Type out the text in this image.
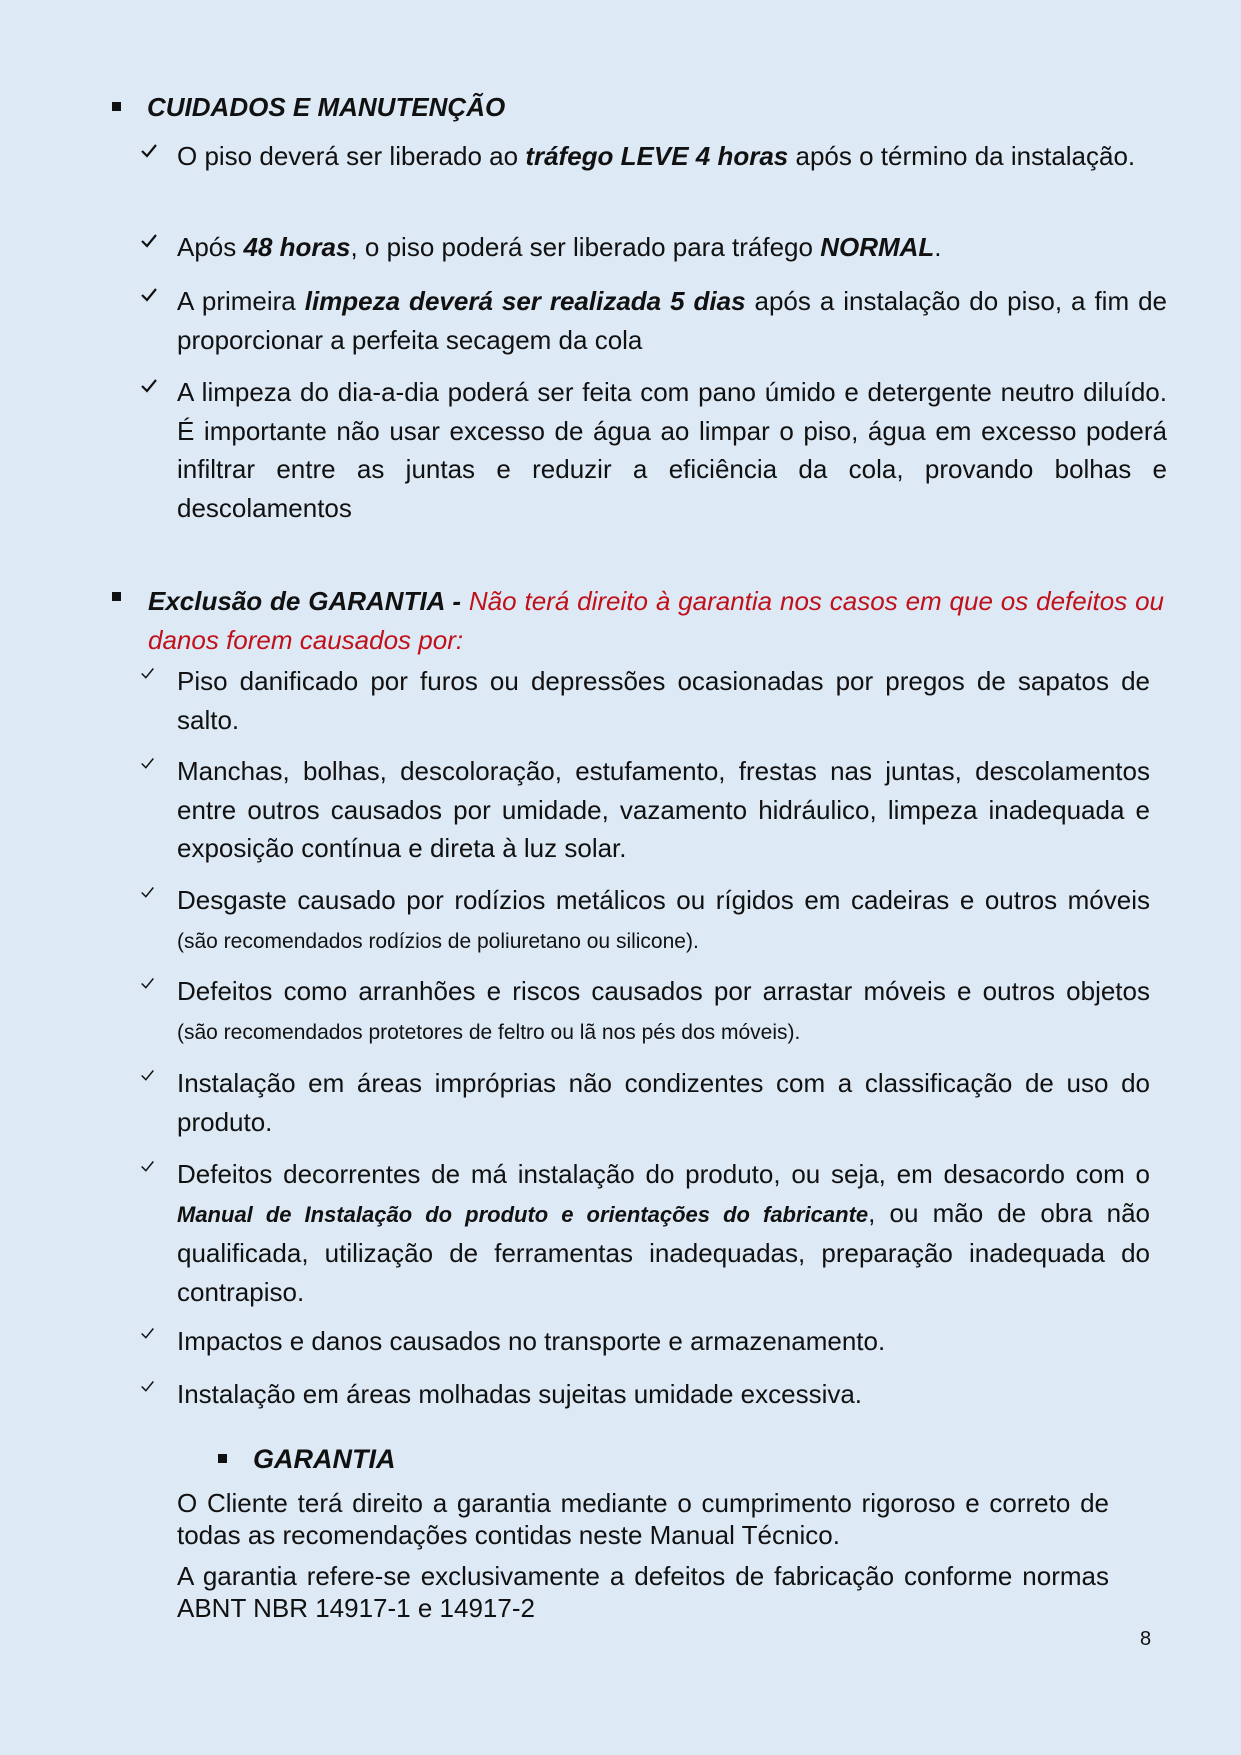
CUIDADOS E MANUTENÇÃO
O piso deverá ser liberado ao tráfego LEVE 4 horas após o término da instalação.
Após 48 horas, o piso poderá ser liberado para tráfego NORMAL.
A primeira limpeza deverá ser realizada 5 dias após a instalação do piso, a fim de proporcionar a perfeita secagem da cola
A limpeza do dia-a-dia poderá ser feita com pano úmido e detergente neutro diluído. É importante não usar excesso de água ao limpar o piso, água em excesso poderá infiltrar entre as juntas e reduzir a eficiência da cola, provando bolhas e descolamentos
Exclusão de GARANTIA - Não terá direito à garantia nos casos em que os defeitos ou danos forem causados por:
Piso danificado por furos ou depressões ocasionadas por pregos de sapatos de salto.
Manchas, bolhas, descoloração, estufamento, frestas nas juntas, descolamentos entre outros causados por umidade, vazamento hidráulico, limpeza inadequada e exposição contínua e direta à luz solar.
Desgaste causado por rodízios metálicos ou rígidos em cadeiras e outros móveis (são recomendados rodízios de poliuretano ou silicone).
Defeitos como arranhões e riscos causados por arrastar móveis e outros objetos (são recomendados protetores de feltro ou lã nos pés dos móveis).
Instalação em áreas impróprias não condizentes com a classificação de uso do produto.
Defeitos decorrentes de má instalação do produto, ou seja, em desacordo com o Manual de Instalação do produto e orientações do fabricante, ou mão de obra não qualificada, utilização de ferramentas inadequadas, preparação inadequada do contrapiso.
Impactos e danos causados no transporte e armazenamento.
Instalação em áreas molhadas sujeitas umidade excessiva.
GARANTIA
O Cliente terá direito a garantia mediante o cumprimento rigoroso e correto de todas as recomendações contidas neste Manual Técnico.
A garantia refere-se exclusivamente a defeitos de fabricação conforme normas ABNT NBR 14917-1 e 14917-2
8
